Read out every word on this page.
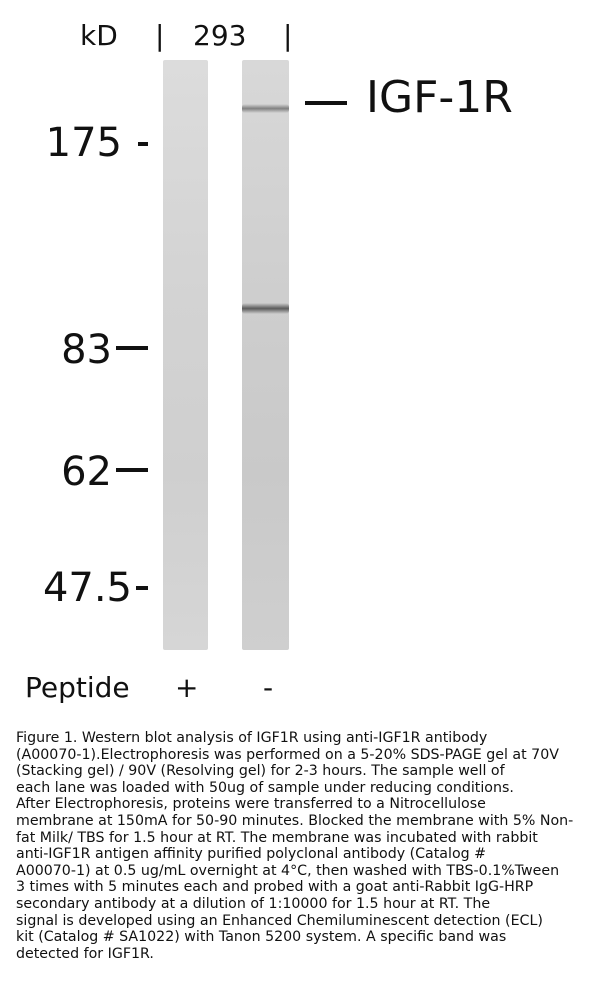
kD | 293 |
175
83
62
47.5
IGF-1R
Peptide + -
Figure 1. Western blot analysis of IGF1R using anti-IGF1R antibody
(A00070-1).Electrophoresis was performed on a 5-20% SDS-PAGE gel at 70V
(Stacking gel) / 90V (Resolving gel) for 2-3 hours. The sample well of
each lane was loaded with 50ug of sample under reducing conditions.
After Electrophoresis, proteins were transferred to a Nitrocellulose
membrane at 150mA for 50-90 minutes. Blocked the membrane with 5% Non-
fat Milk/ TBS for 1.5 hour at RT. The membrane was incubated with rabbit
anti-IGF1R antigen affinity purified polyclonal antibody (Catalog #
A00070-1) at 0.5 ug/mL overnight at 4°C, then washed with TBS-0.1%Tween
3 times with 5 minutes each and probed with a goat anti-Rabbit IgG-HRP
secondary antibody at a dilution of 1:10000 for 1.5 hour at RT. The
signal is developed using an Enhanced Chemiluminescent detection (ECL)
kit (Catalog # SA1022) with Tanon 5200 system. A specific band was
detected for IGF1R.
